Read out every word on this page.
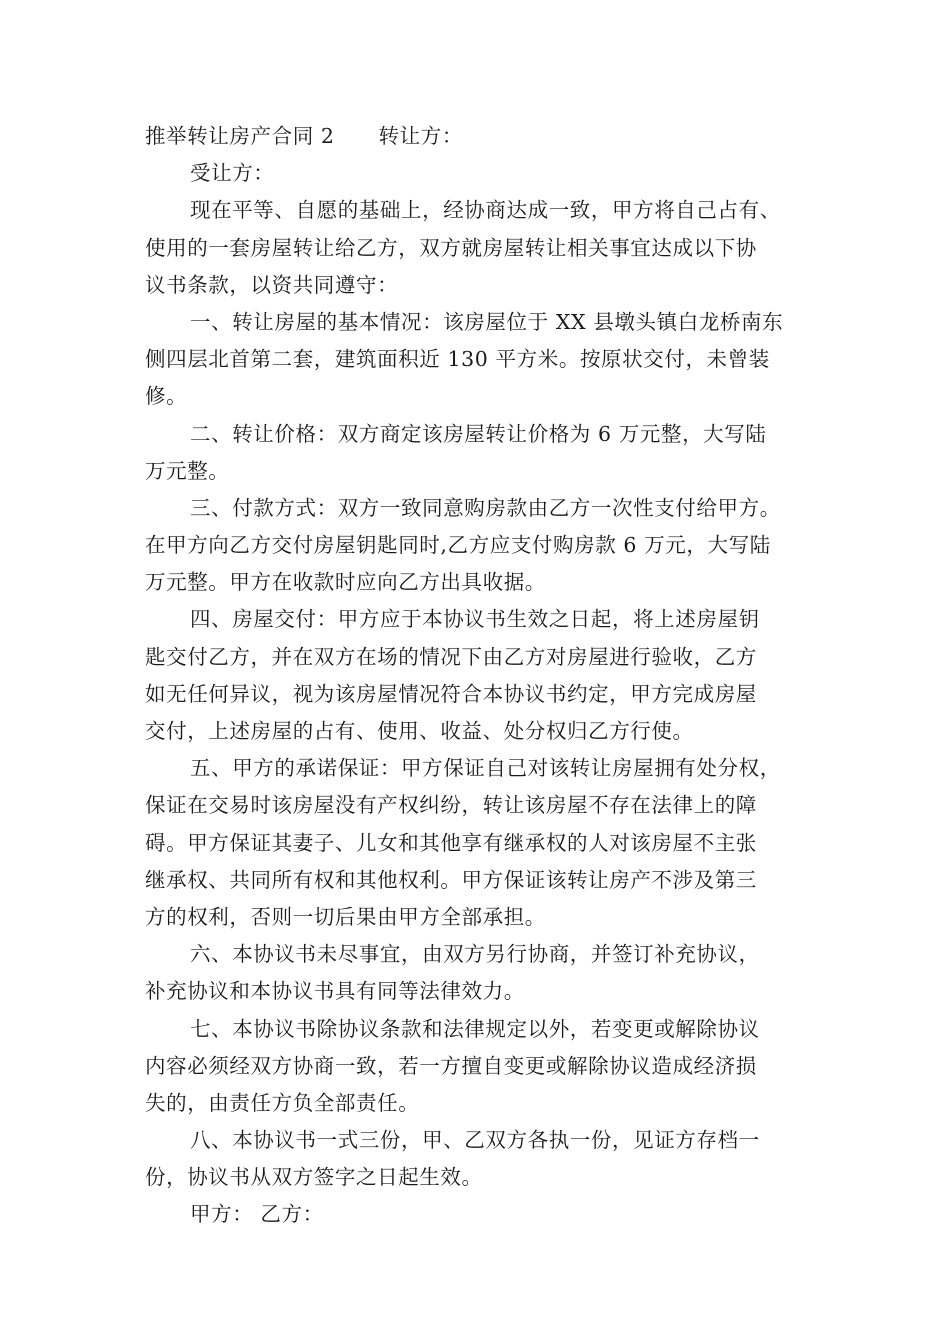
推举转让房产合同 2 转让方：
受让方：
现在平等、自愿的基础上，经协商达成一致，甲方将自己占有、
使用的一套房屋转让给乙方，双方就房屋转让相关事宜达成以下协
议书条款，以资共同遵守：
一、转让房屋的基本情况：该房屋位于 XX 县墩头镇白龙桥南东
侧四层北首第二套，建筑面积近 130 平方米。按原状交付，未曾装
修。
二、转让价格：双方商定该房屋转让价格为 6 万元整，大写陆
万元整。
三、付款方式：双方一致同意购房款由乙方一次性支付给甲方。
在甲方向乙方交付房屋钥匙同时,乙方应支付购房款 6 万元，大写陆
万元整。甲方在收款时应向乙方出具收据。
四、房屋交付：甲方应于本协议书生效之日起，将上述房屋钥
匙交付乙方，并在双方在场的情况下由乙方对房屋进行验收，乙方
如无任何异议，视为该房屋情况符合本协议书约定，甲方完成房屋
交付，上述房屋的占有、使用、收益、处分权归乙方行使。
五、甲方的承诺保证：甲方保证自己对该转让房屋拥有处分权，
保证在交易时该房屋没有产权纠纷，转让该房屋不存在法律上的障
碍。甲方保证其妻子、儿女和其他享有继承权的人对该房屋不主张
继承权、共同所有权和其他权利。甲方保证该转让房产不涉及第三
方的权利，否则一切后果由甲方全部承担。
六、本协议书未尽事宜，由双方另行协商，并签订补充协议，
补充协议和本协议书具有同等法律效力。
七、本协议书除协议条款和法律规定以外，若变更或解除协议
内容必须经双方协商一致，若一方擅自变更或解除协议造成经济损
失的，由责任方负全部责任。
八、本协议书一式三份，甲、乙双方各执一份，见证方存档一
份，协议书从双方签字之日起生效。
甲方： 乙方：
